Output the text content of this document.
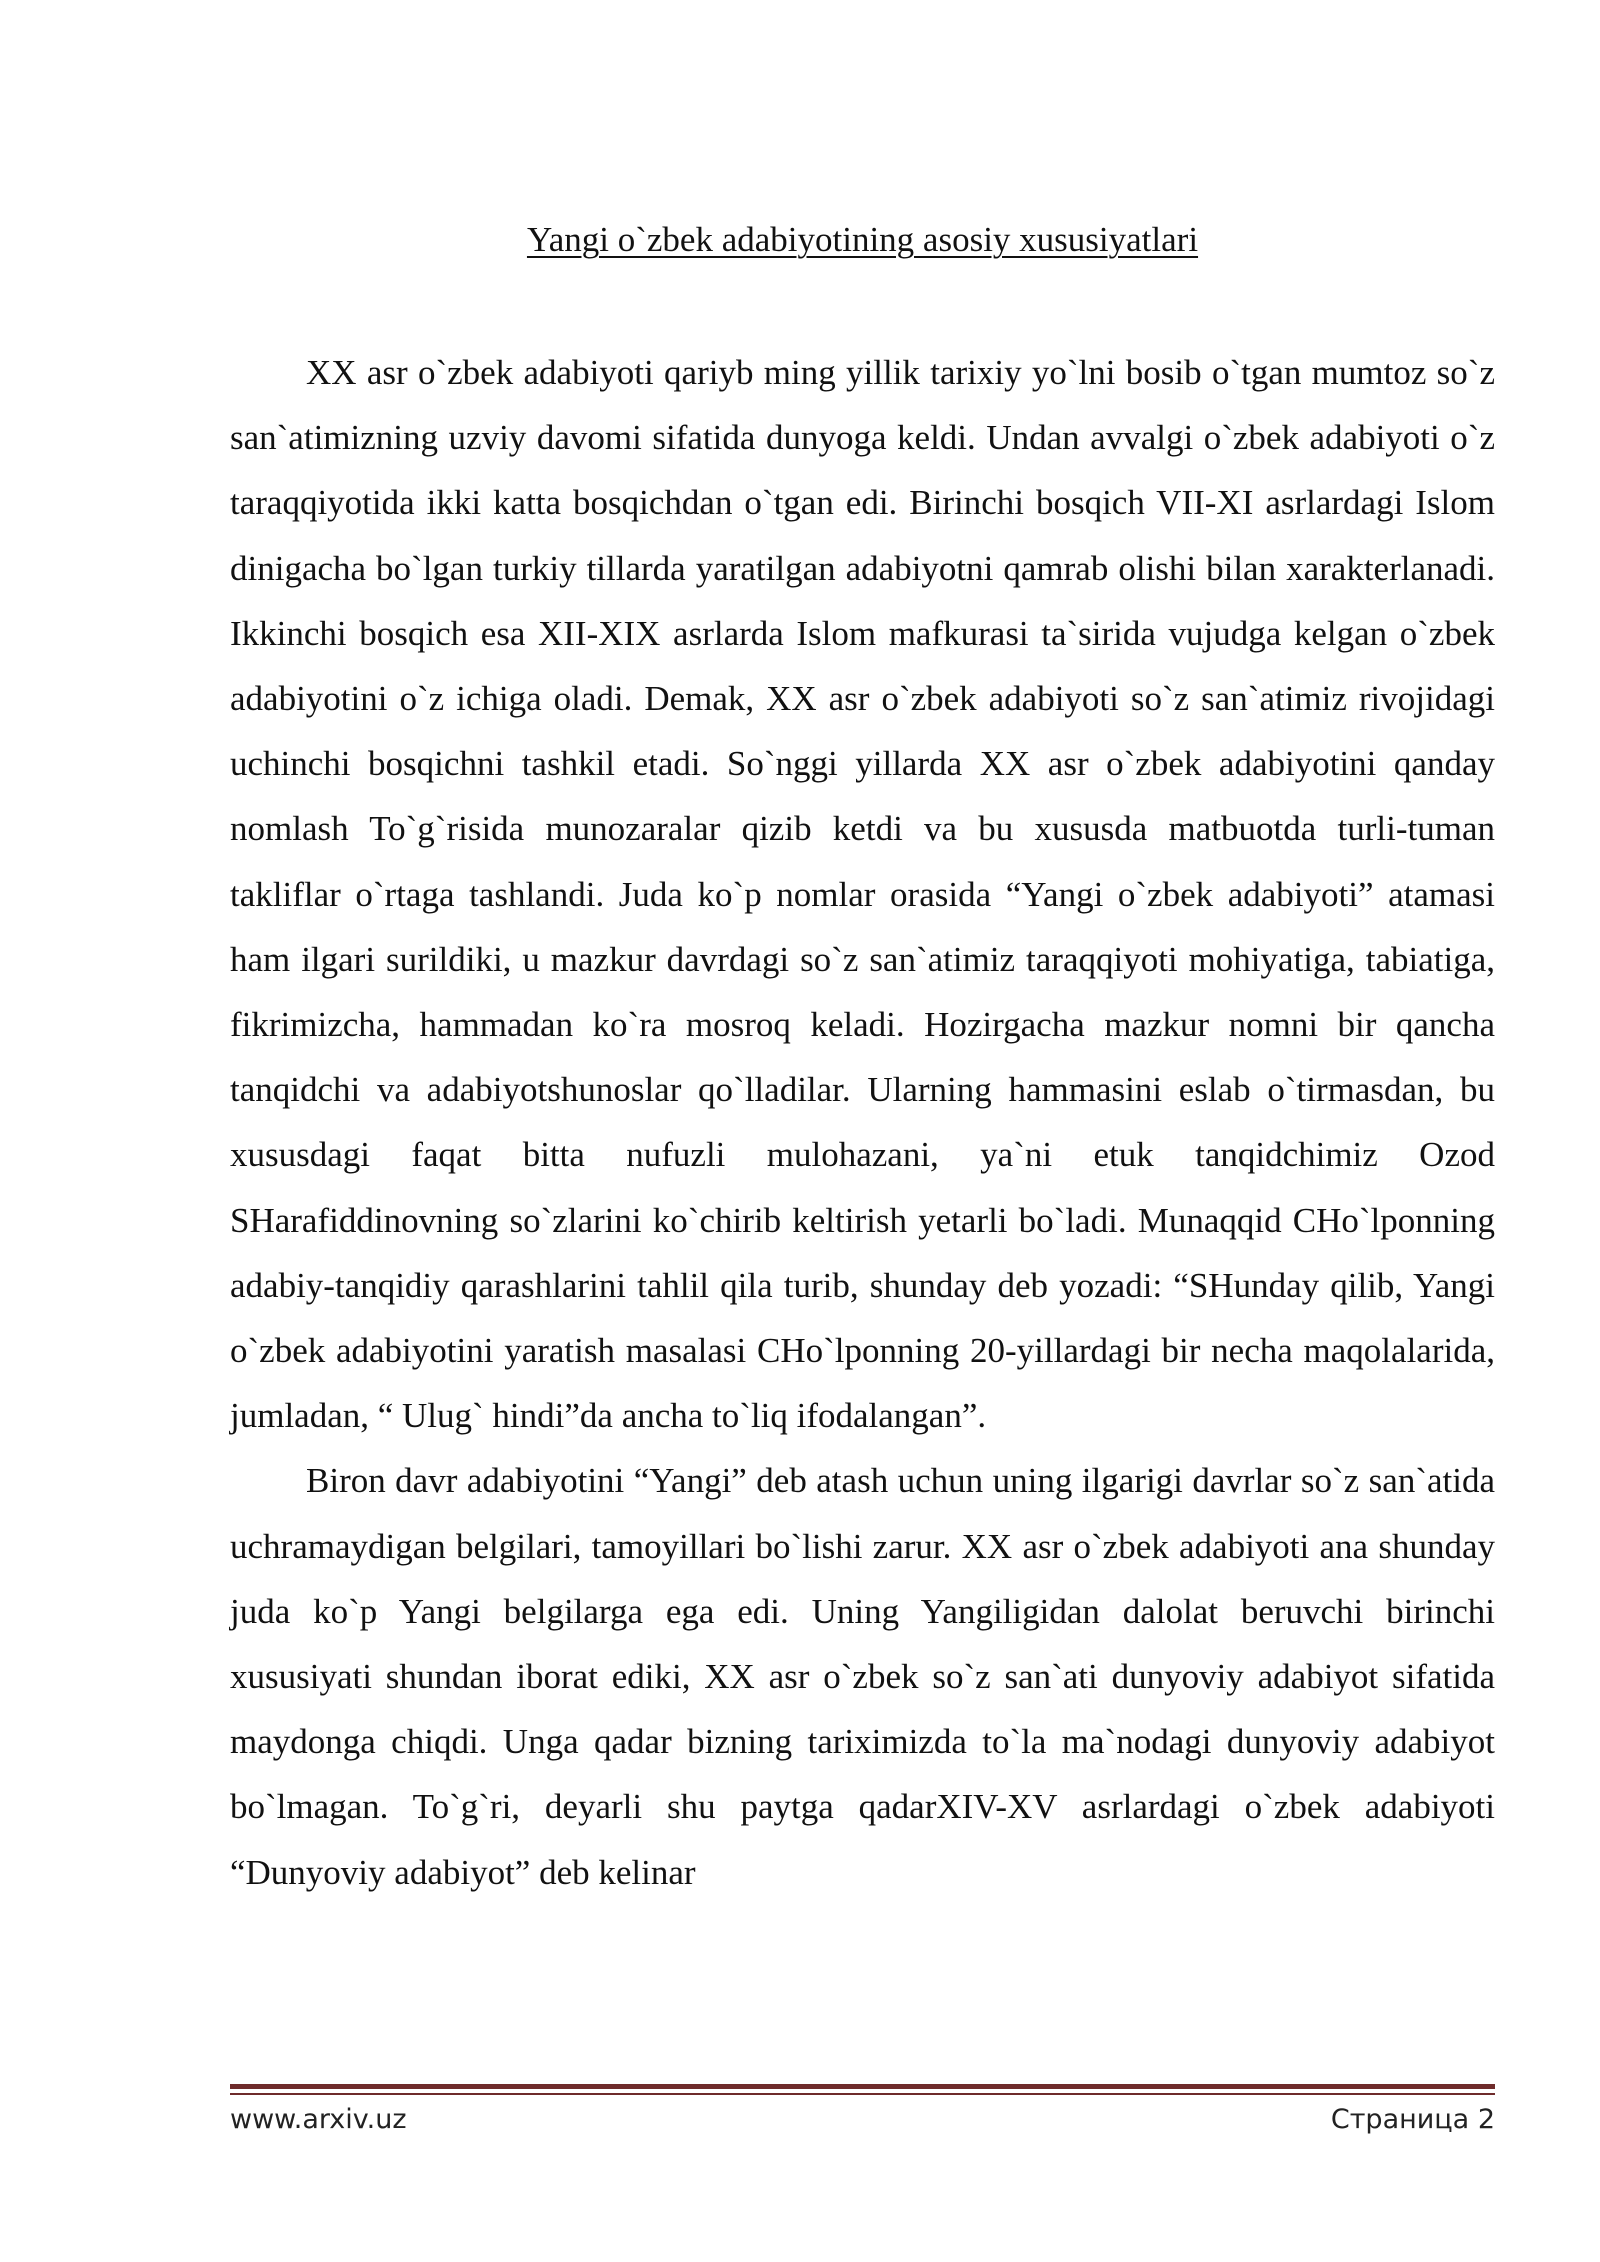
Yangi o`zbek adabiyotining asosiy xususiyatlari

XX asr o`zbek adabiyoti qariyb ming yillik tarixiy yo`lni bosib o`tgan mumtoz so`z san`atimizning uzviy davomi sifatida dunyoga keldi. Undan avvalgi o`zbek adabiyoti o`z taraqqiyotida ikki katta bosqichdan o`tgan edi. Birinchi bosqich VII-XI asrlardagi Islom dinigacha bo`lgan turkiy tillarda yaratilgan adabiyotni qamrab olishi bilan xarakterlanadi. Ikkinchi bosqich esa XII-XIX asrlarda Islom mafkurasi ta`sirida vujudga kelgan o`zbek adabiyotini o`z ichiga oladi. Demak, XX asr o`zbek adabiyoti so`z san`atimiz rivojidagi uchinchi bosqichni tashkil etadi. So`nggi yillarda XX asr o`zbek adabiyotini qanday nomlash To`g`risida munozaralar qizib ketdi va bu xususda matbuotda turli-tuman takliflar o`rtaga tashlandi. Juda ko`p nomlar orasida “Yangi o`zbek adabiyoti” atamasi ham ilgari surildiki, u mazkur davrdagi so`z san`atimiz taraqqiyoti mohiyatiga, tabiatiga, fikrimizcha, hammadan ko`ra mosroq keladi. Hozirgacha mazkur nomni bir qancha tanqidchi va adabiyotshunoslar qo`lladilar. Ularning hammasini eslab o`tirmasdan, bu xususdagi faqat bitta nufuzli mulohazani, ya`ni etuk tanqidchimiz Ozod SHarafiddinovning so`zlarini ko`chirib keltirish yetarli bo`ladi. Munaqqid CHo`lponning adabiy-tanqidiy qarashlarini tahlil qila turib, shunday deb yozadi: “SHunday qilib, Yangi o`zbek adabiyotini yaratish masalasi CHo`lponning 20-yillardagi bir necha maqolalarida, jumladan, “ Ulug` hindi”da ancha to`liq ifodalangan”.

Biron davr adabiyotini “Yangi” deb atash uchun uning ilgarigi davrlar so`z san`atida uchramaydigan belgilari, tamoyillari bo`lishi zarur. XX asr o`zbek adabiyoti ana shunday juda ko`p Yangi belgilarga ega edi. Uning Yangiligidan dalolat beruvchi birinchi xususiyati shundan iborat ediki, XX asr o`zbek so`z san`ati dunyoviy adabiyot sifatida maydonga chiqdi. Unga qadar bizning tariximizda to`la ma`nodagi dunyoviy adabiyot bo`lmagan. To`g`ri, deyarli shu paytga qadarXIV-XV asrlardagi o`zbek adabiyoti “Dunyoviy adabiyot” deb kelinar

www.arxiv.uz	Страница 2
